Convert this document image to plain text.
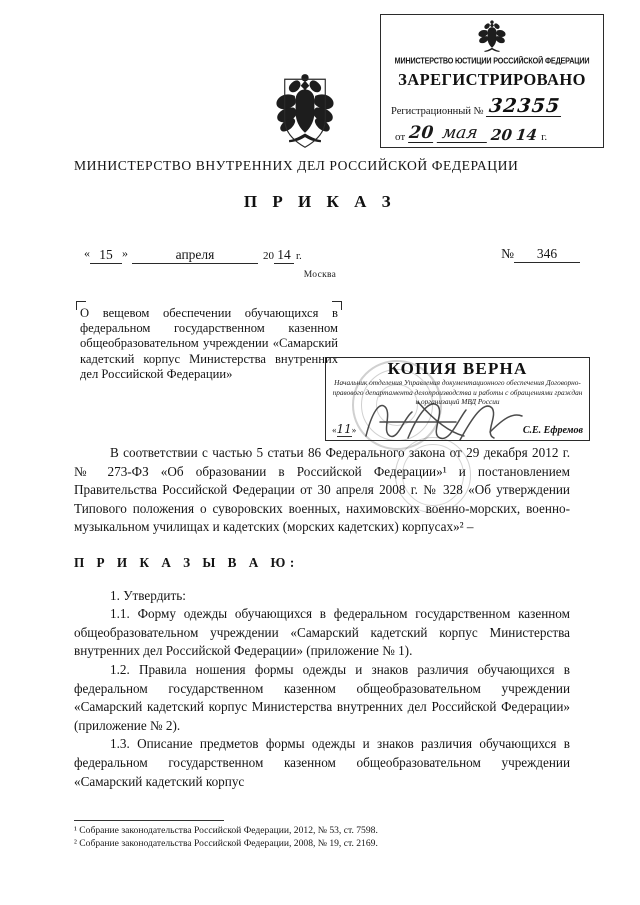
МИНИСТЕРСТВО ЮСТИЦИИ РОССИЙСКОЙ ФЕДЕРАЦИИ
ЗАРЕГИСТРИРОВАНО
Регистрационный № 32355
от 20 мая 20 14 г.
МИНИСТЕРСТВО ВНУТРЕННИХ ДЕЛ РОССИЙСКОЙ ФЕДЕРАЦИИ
П Р И К А З
« 15 »	апреля	20 14 г.	№ 346
Москва

О вещевом обеспечении обучающихся в федеральном государственном казенном общеобразовательном учреждении «Самарский кадетский корпус Министерства внутренних дел Российской Федерации»	КОПИЯ ВЕРНА
Начальник отделения Управления документационного обеспечения Договорно-правового департамента делопроизводства и работы с обращениями граждан и организаций МВД России
«11»	С.Е. Ефремов

В соответствии с частью 5 статьи 86 Федерального закона от 29 декабря 2012 г. № 273-ФЗ «Об образовании в Российской Федерации»¹ и постановлением Правительства Российской Федерации от 30 апреля 2008 г. № 328 «Об утверждении Типового положения о суворовских военных, нахимовских военно-морских, военно-музыкальном училищах и кадетских (морских кадетских) корпусах»² –

П Р И К А З Ы В А Ю:

1. Утвердить:

1.1. Форму одежды обучающихся в федеральном государственном казенном общеобразовательном учреждении «Самарский кадетский корпус Министерства внутренних дел Российской Федерации» (приложение № 1).

1.2. Правила ношения формы одежды и знаков различия обучающихся в федеральном государственном казенном общеобразовательном учреждении «Самарский кадетский корпус Министерства внутренних дел Российской Федерации» (приложение № 2).

1.3. Описание предметов формы одежды и знаков различия обучающихся в федеральном государственном казенном общеобразовательном учреждении «Самарский кадетский корпус

¹ Собрание законодательства Российской Федерации, 2012, № 53, ст. 7598.

² Собрание законодательства Российской Федерации, 2008, № 19, ст. 2169.
